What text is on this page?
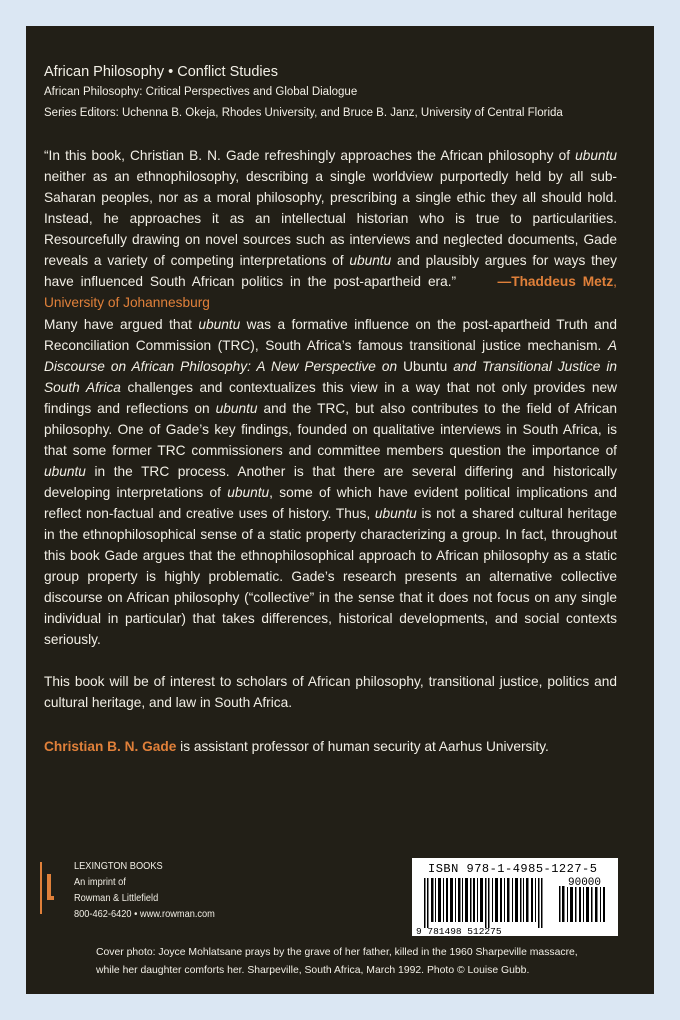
African Philosophy • Conflict Studies
African Philosophy: Critical Perspectives and Global Dialogue
Series Editors: Uchenna B. Okeja, Rhodes University, and Bruce B. Janz, University of Central Florida
“In this book, Christian B. N. Gade refreshingly approaches the African philosophy of ubuntu neither as an ethnophilosophy, describing a single worldview purportedly held by all sub-Saharan peoples, nor as a moral philosophy, prescribing a single ethic they all should hold. Instead, he approaches it as an intellectual historian who is true to particularities. Resourcefully drawing on novel sources such as interviews and neglected documents, Gade reveals a variety of competing interpretations of ubuntu and plausibly argues for ways they have influenced South African politics in the post-apartheid era.”	—Thaddeus Metz, University of Johannesburg
Many have argued that ubuntu was a formative influence on the post-apartheid Truth and Reconciliation Commission (TRC), South Africa’s famous transitional justice mechanism. A Discourse on African Philosophy: A New Perspective on Ubuntu and Transitional Justice in South Africa challenges and contextualizes this view in a way that not only provides new findings and reflections on ubuntu and the TRC, but also contributes to the field of African philosophy. One of Gade’s key findings, founded on qualitative interviews in South Africa, is that some former TRC commissioners and committee members question the importance of ubuntu in the TRC process. Another is that there are several differing and historically developing interpretations of ubuntu, some of which have evident political implications and reflect non-factual and creative uses of history. Thus, ubuntu is not a shared cultural heritage in the ethnophilosophical sense of a static property characterizing a group. In fact, throughout this book Gade argues that the ethnophilosophical approach to African philosophy as a static group property is highly problematic. Gade’s research presents an alternative collective discourse on African philosophy (“collective” in the sense that it does not focus on any single individual in particular) that takes differences, historical developments, and social contexts seriously.
This book will be of interest to scholars of African philosophy, transitional justice, politics and cultural heritage, and law in South Africa.
Christian B. N. Gade is assistant professor of human security at Aarhus University.
LEXINGTON BOOKS
An imprint of
Rowman & Littlefield
800-462-6420 • www.rowman.com
90000
9 781498 512275
ISBN 978-1-4985-1227-5
Cover photo: Joyce Mohlatsane prays by the grave of her father, killed in the 1960 Sharpeville massacre,
while her daughter comforts her. Sharpeville, South Africa, March 1992. Photo © Louise Gubb.
